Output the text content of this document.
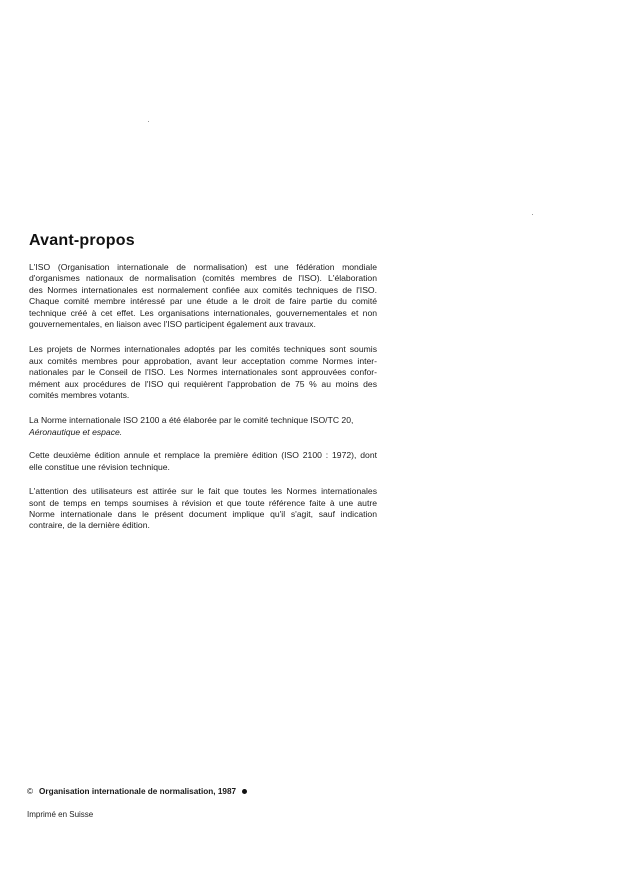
Avant-propos

L'ISO (Organisation internationale de normalisation) est une fédération mondiale
d'organismes nationaux de normalisation (comités membres de l'ISO). L'élaboration
des Normes internationales est normalement confiée aux comités techniques de l'ISO.
Chaque comité membre intéressé par une étude a le droit de faire partie du comité
technique créé à cet effet. Les organisations internationales, gouvernementales et non
gouvernementales, en liaison avec l'ISO participent également aux travaux.

Les projets de Normes internationales adoptés par les comités techniques sont soumis
aux comités membres pour approbation, avant leur acceptation comme Normes inter-
nationales par le Conseil de l'ISO. Les Normes internationales sont approuvées confor-
mément aux procédures de l'ISO qui requièrent l'approbation de 75 % au moins des
comités membres votants.

La Norme internationale ISO 2100 a été élaborée par le comité technique ISO/TC 20,
Aéronautique et espace.

Cette deuxième édition annule et remplace la première édition (ISO 2100 : 1972), dont
elle constitue une révision technique.

L'attention des utilisateurs est attirée sur le fait que toutes les Normes internationales
sont de temps en temps soumises à révision et que toute référence faite à une autre
Norme internationale dans le présent document implique qu'il s'agit, sauf indication
contraire, de la dernière édition.

© Organisation internationale de normalisation, 1987
Imprimé en Suisse
